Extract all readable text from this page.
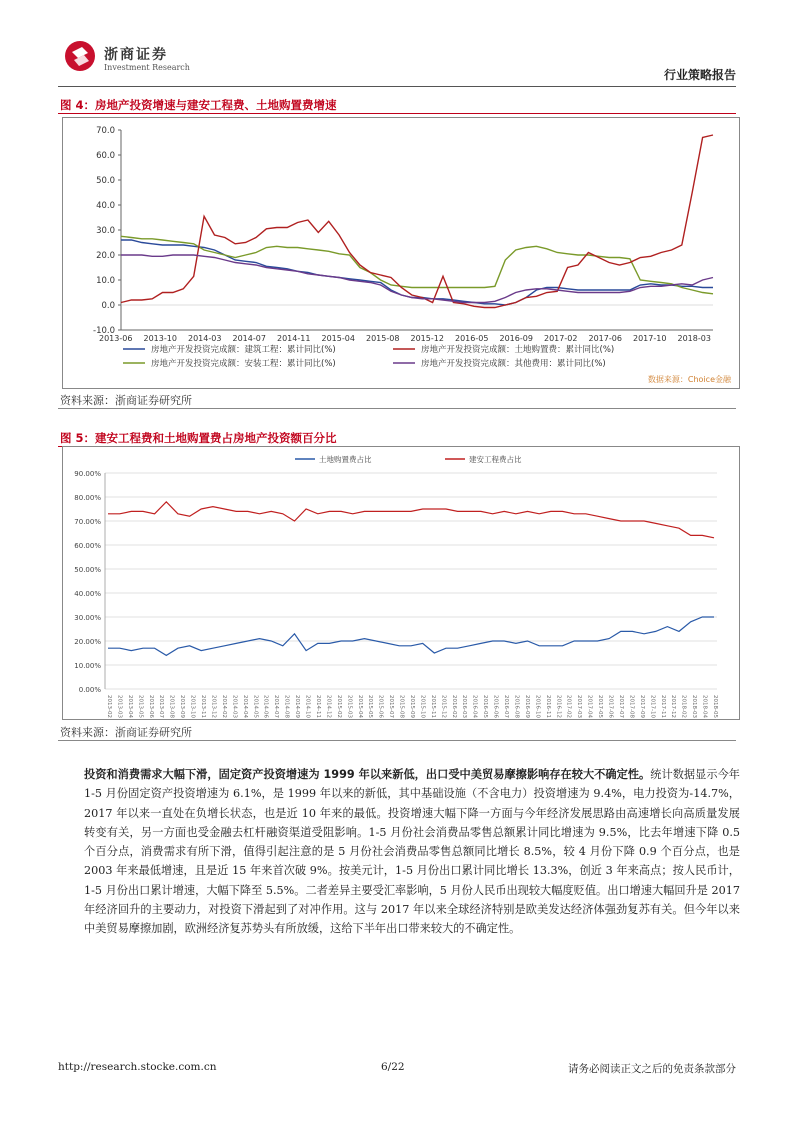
浙商证券
Investment Research
行业策略报告
图 4：房地产投资增速与建安工程费、土地购置费增速
70.0
60.0
50.0
40.0
30.0
20.0
10.0
0.0
-10.0
2013-06 2013-10 2014-03 2014-07 2014-11 2015-04 2015-08 2015-12 2016-05 2016-09 2017-02 2017-06 2017-10 2018-03
房地产开发投资完成额：建筑工程：累计同比(%)	房地产开发投资完成额：土地购置费：累计同比(%)
房地产开发投资完成额：安装工程：累计同比(%)	房地产开发投资完成额：其他费用：累计同比(%)
数据来源：Choice金融
资料来源：浙商证券研究所
图 5：建安工程费和土地购置费占房地产投资额百分比
0.00%
10.00%
20.00%
30.00%
40.00%
50.00%
60.00%
70.00%
80.00%
90.00%
2013-02 2013-03 2013-04 2013-05 2013-06 2013-07 2013-08 2013-09 2013-10 2013-11 2013-12 2014-02 2014-03 2014-04 2014-05 2014-06 2014-07 2014-08 2014-09 2014-10 2014-11 2014-12 2015-02 2015-03 2015-04 2015-05 2015-06 2015-07 2015-08 2015-09 2015-10 2015-11 2015-12 2016-02 2016-03 2016-04 2016-05 2016-06 2016-07 2016-08 2016-09 2016-10 2016-11 2016-12 2017-02 2017-03 2017-04 2017-05 2017-06 2017-07 2017-08 2017-09 2017-10 2017-11 2017-12 2018-02 2018-03 2018-04 2018-05
土地购置费占比	建安工程费占比
资料来源：浙商证券研究所
投资和消费需求大幅下滑，固定资产投资增速为 1999 年以来新低，出口受中美贸易摩擦影响存在较大不确定性。统计数据显示今年 1-5 月份固定资产投资增速为 6.1%，是 1999 年以来的新低，其中基础设施（不含电力）投资增速为 9.4%，电力投资为-14.7%，2017 年以来一直处在负增长状态，也是近 10 年来的最低。投资增速大幅下降一方面与今年经济发展思路由高速增长向高质量发展转变有关，另一方面也受金融去杠杆融资渠道受阻影响。1-5 月份社会消费品零售总额累计同比增速为 9.5%，比去年增速下降 0.5 个百分点，消费需求有所下滑，值得引起注意的是 5 月份社会消费品零售总额同比增长 8.5%，较 4 月份下降 0.9 个百分点，也是 2003 年来最低增速，且是近 15 年来首次破 9%。按美元计，1-5 月份出口累计同比增长 13.3%，创近 3 年来高点；按人民币计，1-5 月份出口累计增速，大幅下降至 5.5%。二者差异主要受汇率影响，5 月份人民币出现较大幅度贬值。出口增速大幅回升是 2017 年经济回升的主要动力，对投资下滑起到了对冲作用。这与 2017 年以来全球经济特别是欧美发达经济体强劲复苏有关。但今年以来中美贸易摩擦加剧，欧洲经济复苏势头有所放缓，这给下半年出口带来较大的不确定性。
http://research.stocke.com.cn	6/22	请务必阅读正文之后的免责条款部分
